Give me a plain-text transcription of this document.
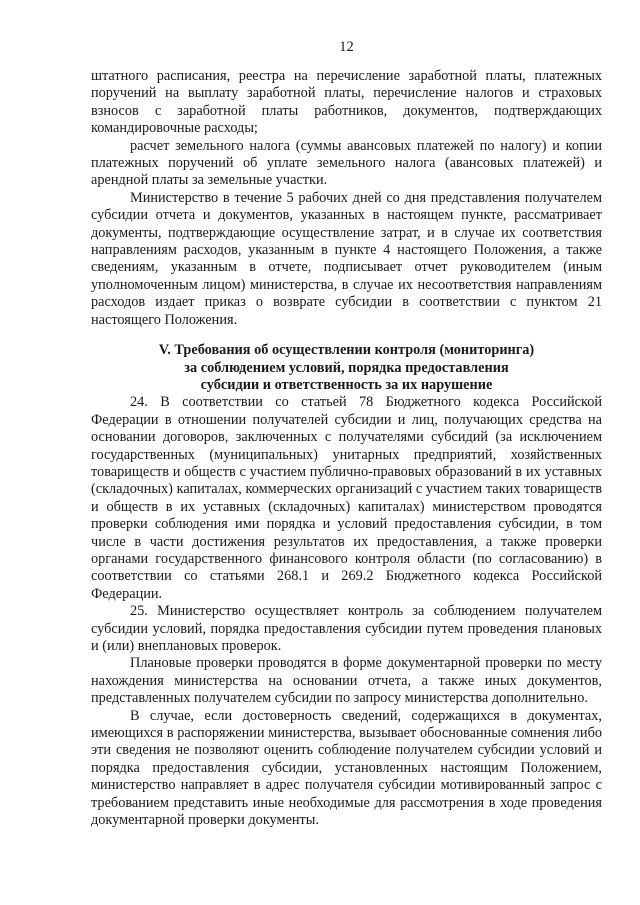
12

штатного расписания, реестра на перечисление заработной платы, платежных поручений на выплату заработной платы, перечисление налогов и страховых взносов с заработной платы работников, документов, подтверждающих командировочные расходы;

расчет земельного налога (суммы авансовых платежей по налогу) и копии платежных поручений об уплате земельного налога (авансовых платежей) и арендной платы за земельные участки.

Министерство в течение 5 рабочих дней со дня представления получателем субсидии отчета и документов, указанных в настоящем пункте, рассматривает документы, подтверждающие осуществление затрат, и в случае их соответствия направлениям расходов, указанным в пункте 4 настоящего Положения, а также сведениям, указанным в отчете, подписывает отчет руководителем (иным уполномоченным лицом) министерства, в случае их несоответствия направлениям расходов издает приказ о возврате субсидии в соответствии с пунктом 21 настоящего Положения.

V. Требования об осуществлении контроля (мониторинга)
за соблюдением условий, порядка предоставления
субсидии и ответственность за их нарушение

24. В соответствии со статьей 78 Бюджетного кодекса Российской Федерации в отношении получателей субсидии и лиц, получающих средства на основании договоров, заключенных с получателями субсидий (за исключением государственных (муниципальных) унитарных предприятий, хозяйственных товариществ и обществ с участием публично-правовых образований в их уставных (складочных) капиталах, коммерческих организаций с участием таких товариществ и обществ в их уставных (складочных) капиталах) министерством проводятся проверки соблюдения ими порядка и условий предоставления субсидии, в том числе в части достижения результатов их предоставления, а также проверки органами государственного финансового контроля области (по согласованию) в соответствии со статьями 268.1 и 269.2 Бюджетного кодекса Российской Федерации.

25. Министерство осуществляет контроль за соблюдением получателем субсидии условий, порядка предоставления субсидии путем проведения плановых и (или) внеплановых проверок.

Плановые проверки проводятся в форме документарной проверки по месту нахождения министерства на основании отчета, а также иных документов, представленных получателем субсидии по запросу министерства дополнительно.

В случае, если достоверность сведений, содержащихся в документах, имеющихся в распоряжении министерства, вызывает обоснованные сомнения либо эти сведения не позволяют оценить соблюдение получателем субсидии условий и порядка предоставления субсидии, установленных настоящим Положением, министерство направляет в адрес получателя субсидии мотивированный запрос с требованием представить иные необходимые для рассмотрения в ходе проведения документарной проверки документы.
